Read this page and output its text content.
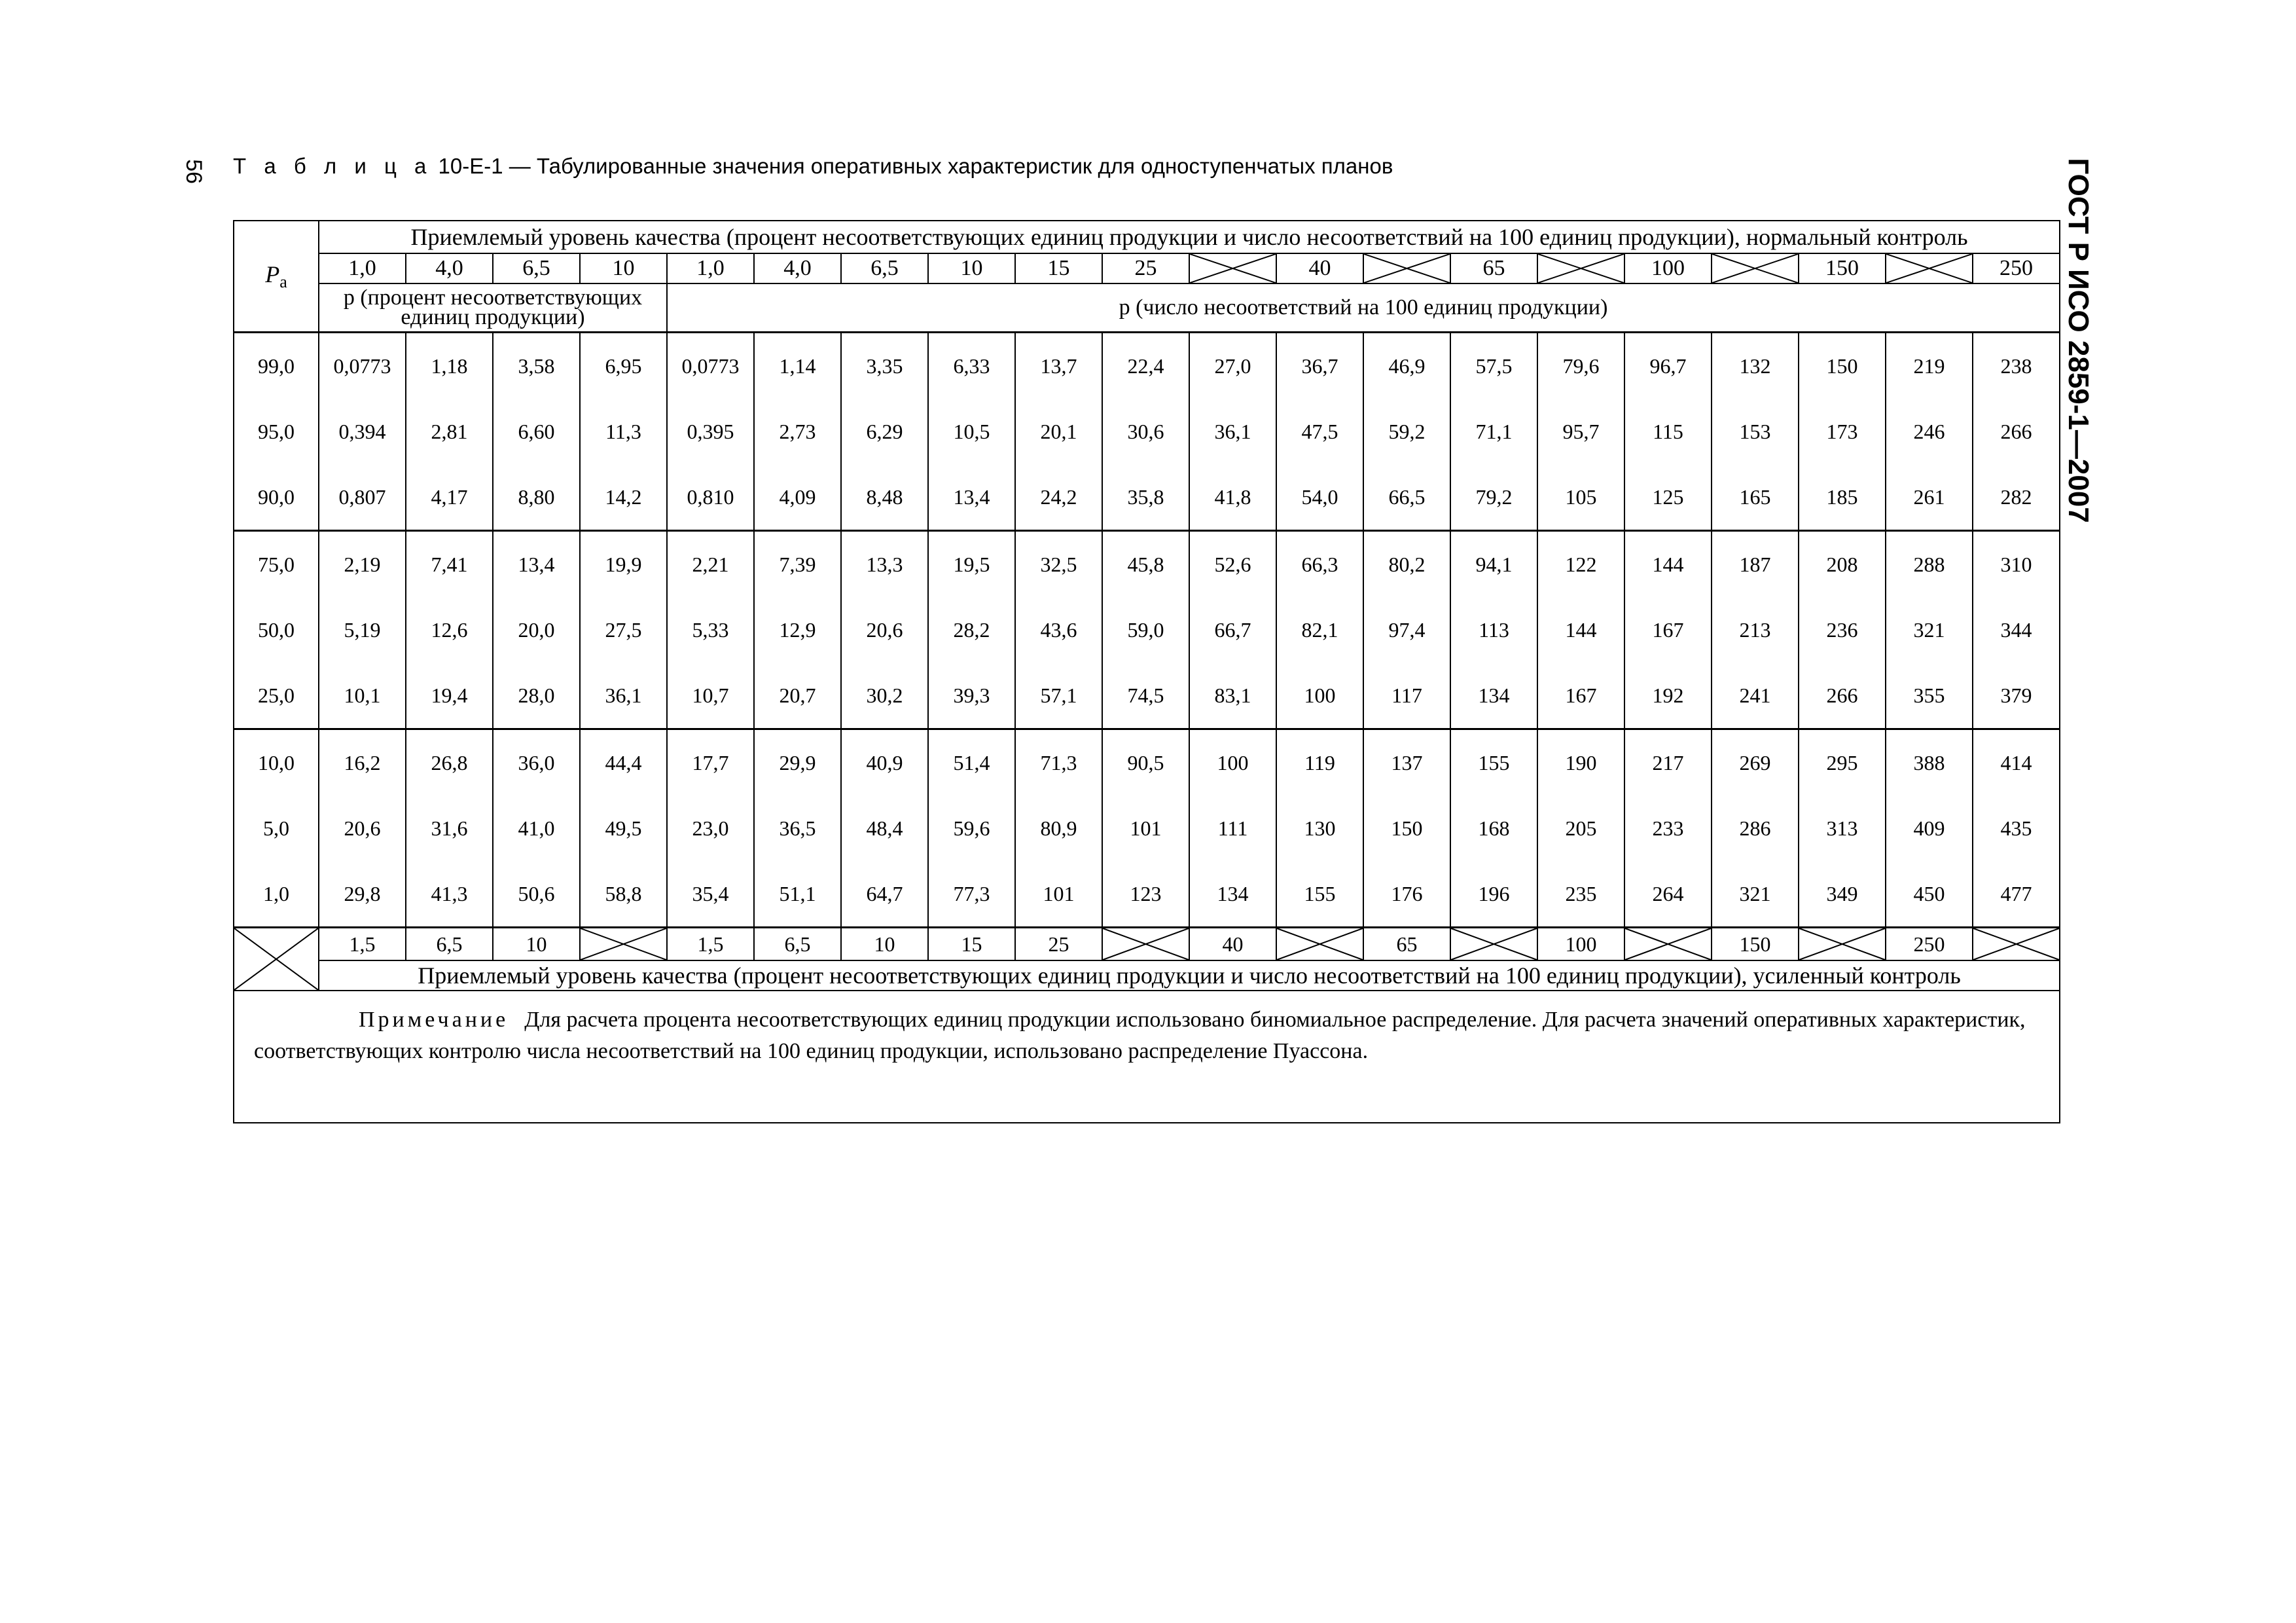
56 Т а б л и ц а 10-Е-1 — Табулированные значения оперативных характеристик для одноступенчатых планов	ГОСТ Р ИСО 2859-1—2007
$P_a$	Приемлемый уровень качества (процент несоответствующих единиц продукции и число несоответствий на 100 единиц продукции), нормальный контроль																			
	1,0	4,0	6,5	10	1,0	4,0	6,5	10	15	25		40		65		100		150		250
	p (процент несоответствующих единиц продукции)				p (число несоответствий на 100 единиц продукции)															
99,0	0,0773	1,18	3,58	6,95	0,0773	1,14	3,35	6,33	13,7	22,4	27,0	36,7	46,9	57,5	79,6	96,7	132	150	219	238
95,0	0,394	2,81	6,60	11,3	0,395	2,73	6,29	10,5	20,1	30,6	36,1	47,5	59,2	71,1	95,7	115	153	173	246	266
90,0	0,807	4,17	8,80	14,2	0,810	4,09	8,48	13,4	24,2	35,8	41,8	54,0	66,5	79,2	105	125	165	185	261	282
75,0	2,19	7,41	13,4	19,9	2,21	7,39	13,3	19,5	32,5	45,8	52,6	66,3	80,2	94,1	122	144	187	208	288	310
50,0	5,19	12,6	20,0	27,5	5,33	12,9	20,6	28,2	43,6	59,0	66,7	82,1	97,4	113	144	167	213	236	321	344
25,0	10,1	19,4	28,0	36,1	10,7	20,7	30,2	39,3	57,1	74,5	83,1	100	117	134	167	192	241	266	355	379
10,0	16,2	26,8	36,0	44,4	17,7	29,9	40,9	51,4	71,3	90,5	100	119	137	155	190	217	269	295	388	414
5,0	20,6	31,6	41,0	49,5	23,0	36,5	48,4	59,6	80,9	101	111	130	150	168	205	233	286	313	409	435
1,0	29,8	41,3	50,6	58,8	35,4	51,1	64,7	77,3	101	123	134	155	176	196	235	264	321	349	450	477

	1,5	6,5	10		1,5	6,5	10	15	25		40		65		100		150		250	

	Приемлемый уровень качества (процент несоответствующих единиц продукции и число несоответствий на 100 единиц продукции), усиленный контроль																			
Примечание Для расчета процента несоответствующих единиц продукции использовано биномиальное распределение. Для расчета значений оперативных характеристик, соответствующих контролю числа несоответствий на 100 единиц продукции, использовано распределение Пуассона.																				
